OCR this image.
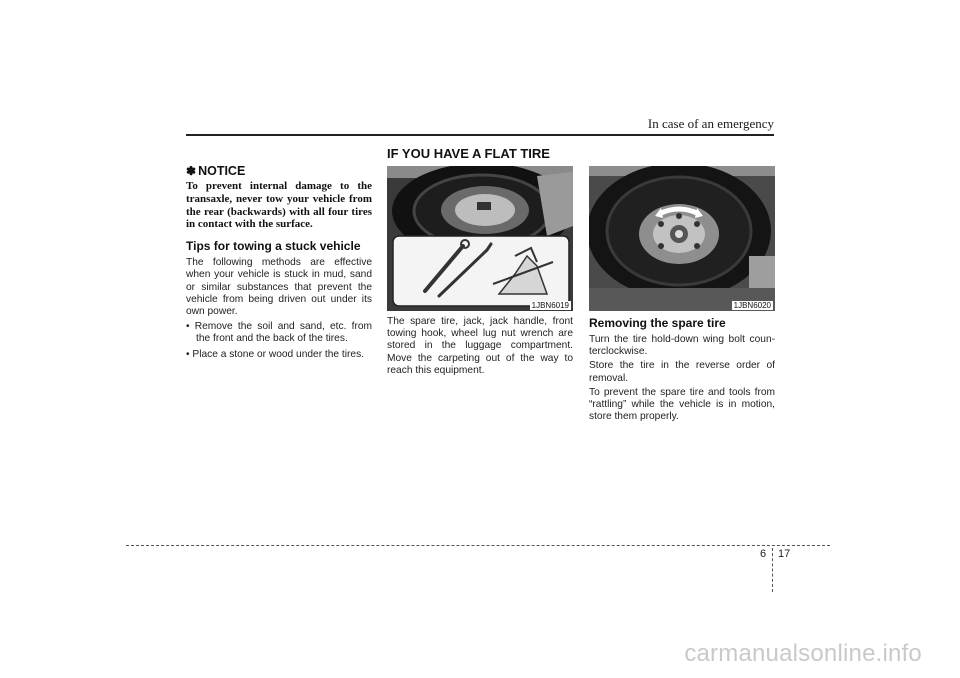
In case of an emergency
✽ NOTICE
To prevent internal damage to the transaxle, never tow your vehicle from the rear (backwards) with all four tires in contact with the surface.
Tips for towing a stuck vehicle
The following methods are effective when your vehicle is stuck in mud, sand or similar substances that prevent the vehicle from being driven out under its own power.
• Remove the soil and sand, etc. from the front and the back of the tires.
• Place a stone or wood under the tires.
IF YOU HAVE A FLAT TIRE
1JBN6019	1JBN6020
The spare tire, jack, jack handle, front towing hook, wheel lug nut wrench are stored in the luggage compartment. Move the carpeting out of the way to reach this equipment.
Removing the spare tire
Turn the tire hold-down wing bolt coun-terclockwise.
Store the tire in the reverse order of removal.
To prevent the spare tire and tools from “rattling” while the vehicle is in motion, store them properly.
6 17
carmanualsonline.info
